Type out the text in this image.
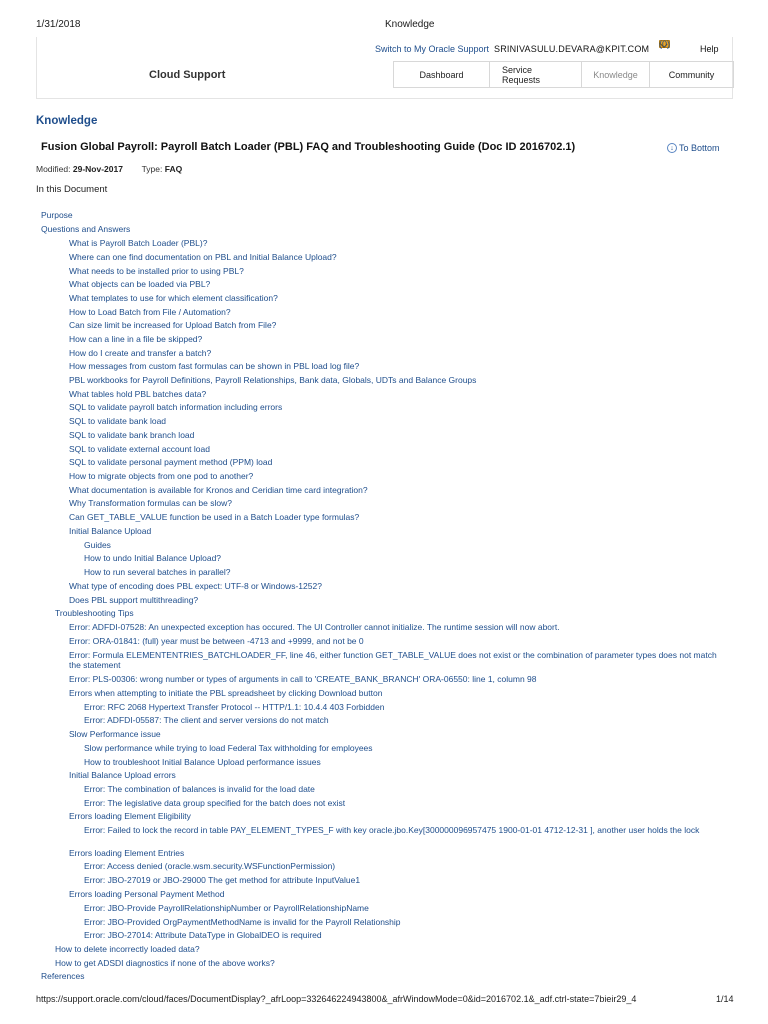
1/31/2018	Knowledge
Switch to My Oracle Support SRINIVASULU.DEVARA@KPIT.COM (0)	Help
Cloud Support	Dashboard	Service Requests	Knowledge	Community
Knowledge
Fusion Global Payroll: Payroll Batch Loader (PBL) FAQ and Troubleshooting Guide (Doc ID 2016702.1)	↓ To Bottom
Modified: 29-Nov-2017 Type: FAQ
In this Document
Purpose
Questions and Answers
What is Payroll Batch Loader (PBL)?
Where can one find documentation on PBL and Initial Balance Upload?
What needs to be installed prior to using PBL?
What objects can be loaded via PBL?
What templates to use for which element classification?
How to Load Batch from File / Automation?
Can size limit be increased for Upload Batch from File?
How can a line in a file be skipped?
How do I create and transfer a batch?
How messages from custom fast formulas can be shown in PBL load log file?
PBL workbooks for Payroll Definitions, Payroll Relationships, Bank data, Globals, UDTs and Balance Groups
What tables hold PBL batches data?
SQL to validate payroll batch information including errors
SQL to validate bank load
SQL to validate bank branch load
SQL to validate external account load
SQL to validate personal payment method (PPM) load
How to migrate objects from one pod to another?
What documentation is available for Kronos and Ceridian time card integration?
Why Transformation formulas can be slow?
Can GET_TABLE_VALUE function be used in a Batch Loader type formulas?
Initial Balance Upload
Guides
How to undo Initial Balance Upload?
How to run several batches in parallel?
What type of encoding does PBL expect: UTF-8 or Windows-1252?
Does PBL support multithreading?
Troubleshooting Tips
Error: ADFDI-07528: An unexpected exception has occured. The UI Controller cannot initialize. The runtime session will now abort.
Error: ORA-01841: (full) year must be between -4713 and +9999, and not be 0
Error: Formula ELEMENTENTRIES_BATCHLOADER_FF, line 46, either function GET_TABLE_VALUE does not exist or the combination of parameter types does not match the statement
Error: PLS-00306: wrong number or types of arguments in call to 'CREATE_BANK_BRANCH' ORA-06550: line 1, column 98
Errors when attempting to initiate the PBL spreadsheet by clicking Download button
Error: RFC 2068 Hypertext Transfer Protocol -- HTTP/1.1: 10.4.4 403 Forbidden
Error: ADFDI-05587: The client and server versions do not match
Slow Performance issue
Slow performance while trying to load Federal Tax withholding for employees
How to troubleshoot Initial Balance Upload performance issues
Initial Balance Upload errors
Error: The combination of balances is invalid for the load date
Error: The legislative data group specified for the batch does not exist
Errors loading Element Eligibility
Error: Failed to lock the record in table PAY_ELEMENT_TYPES_F with key oracle.jbo.Key[300000096957475 1900-01-01 4712-12-31 ], another user holds the lock
Errors loading Element Entries
Error: Access denied (oracle.wsm.security.WSFunctionPermission)
Error: JBO-27019 or JBO-29000 The get method for attribute InputValue1
Errors loading Personal Payment Method
Error: JBO-Provide PayrollRelationshipNumber or PayrollRelationshipName
Error: JBO-Provided OrgPaymentMethodName is invalid for the Payroll Relationship
Error: JBO-27014: Attribute DataType in GlobalDEO is required
How to delete incorrectly loaded data?
How to get ADSDI diagnostics if none of the above works?
References
https://support.oracle.com/cloud/faces/DocumentDisplay?_afrLoop=332646224943800&_afrWindowMode=0&id=2016702.1&_adf.ctrl-state=7bieir29_4	1/14
